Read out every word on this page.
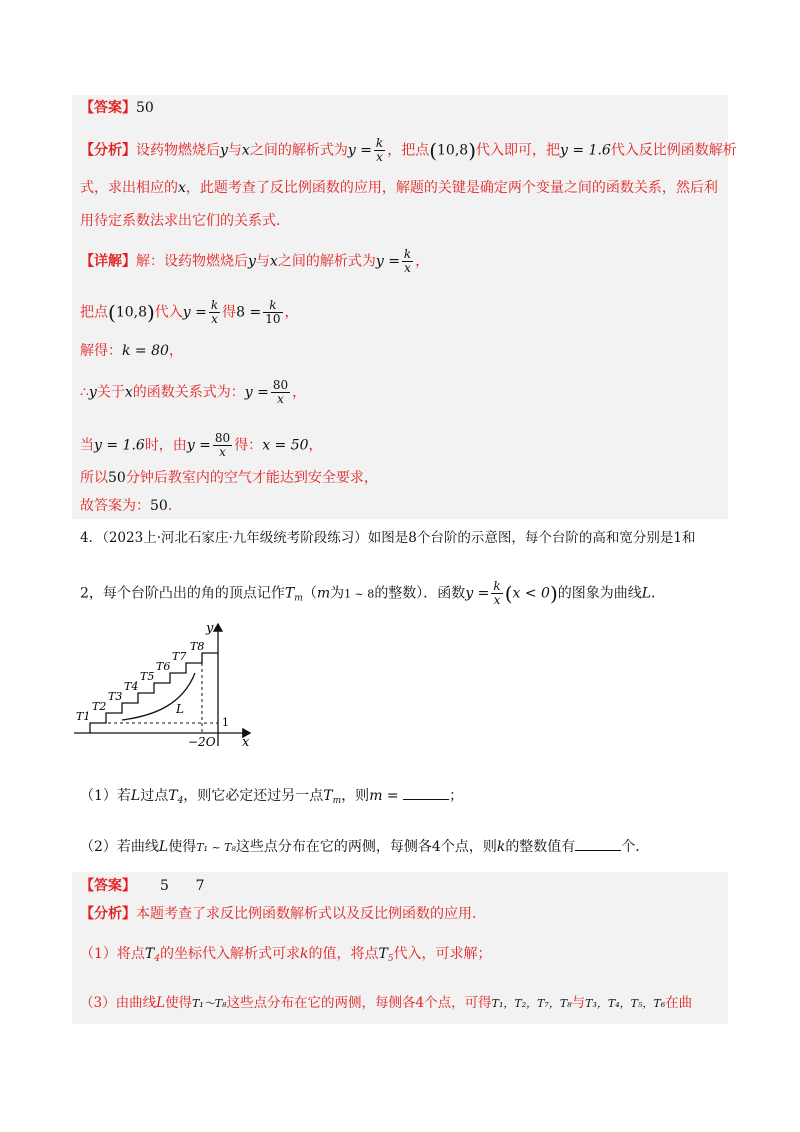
【答案】50
【分析】设药物燃烧后y与x之间的解析式为$y = \frac{k}{x}$ ，把点(10,8)代入即可，把y = 1.6代入反比例函数解析
式，求出相应的x，此题考查了反比例函数的应用，解题的关键是确定两个变量之间的函数关系，然后利
用待定系数法求出它们的关系式．
【详解】解：设药物燃烧后y与x之间的解析式为$y = \frac{k}{x}$ ，
把点(10,8)代入$y = \frac{k}{x}$ 得$8 = \frac{k}{10}$ ，
解得：k = 80，
∴y关于x的函数关系式为：$y = \frac{80}{x}$ ，
当y = 1.6时，由$y = \frac{80}{x}$ 得：x = 50，
所以50分钟后教室内的空气才能达到安全要求，
故答案为：50．
4．（2023上·河北石家庄·九年级统考阶段练习）如图是8个台阶的示意图，每个台阶的高和宽分别是1和
2，每个台阶凸出的角的顶点记作$T_m(m$为1 ~ 8的整数）．函数$y = \frac{k}{x} (x < 0)$的图象为曲线L．
y
x
−2O
1
L
T1
T2
T3
T4
T5
T6
T7
T8
（1）若L过点$T_4$，则它必定还过另一点$T_m$，则m =	；
（2）若曲线L使得T₁ ~ T₈这些点分布在它的两侧，每侧各4个点，则k的整数值有	个．
【答案】 5      7
【分析】本题考查了求反比例函数解析式以及反比例函数的应用．
（1）将点$T_4$的坐标代入解析式可求k的值，将点$T_5$代入，可求解；
（3）由曲线L使得T₁～T₈这些点分布在它的两侧，每侧各4个点，可得T₁，T₂，T₇，T₈与T₃，T₄，T₅，T₆在曲
